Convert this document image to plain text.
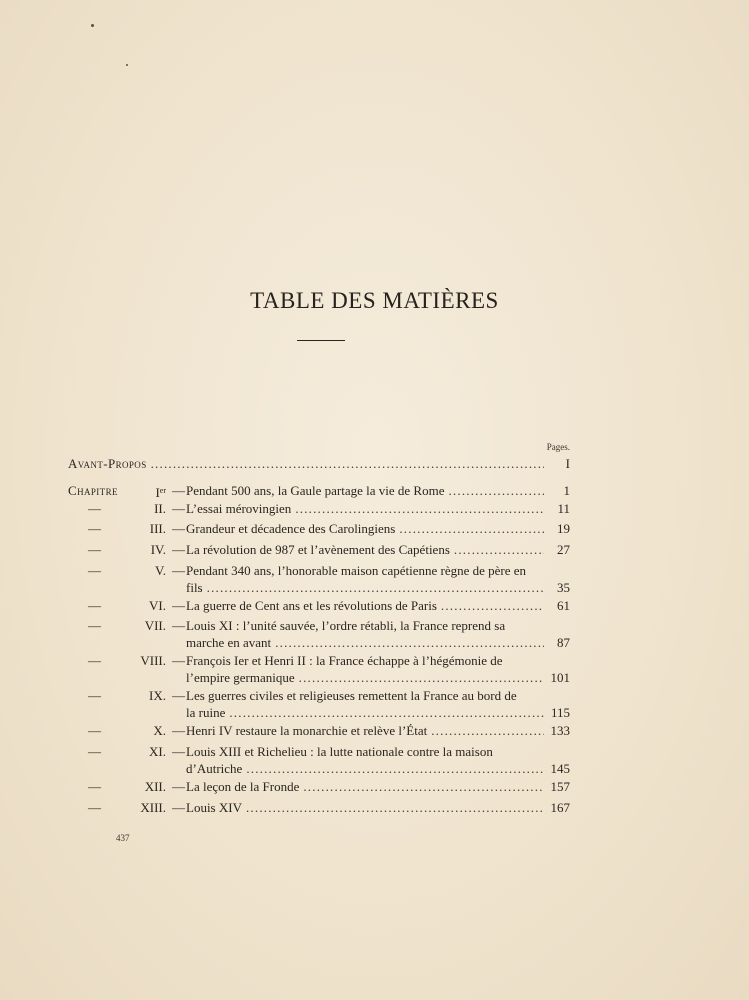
TABLE DES MATIÈRES
Pages.
Avant-Propos .....	I
Chapitre	Ier — Pendant 500 ans, la Gaule partage la vie de Rome .....	1
—	II. — L’essai mérovingien .....	11
—	III. — Grandeur et décadence des Carolingiens .....	19
—	IV. — La révolution de 987 et l’avènement des Capétiens .....	27
—	V. — Pendant 340 ans, l’honorable maison capétienne règne de père en
fils .....	35
—	VI. — La guerre de Cent ans et les révolutions de Paris .....	61
—	VII. — Louis XI : l’unité sauvée, l’ordre rétabli, la France reprend sa
marche en avant .....	87
—	VIII. — François Ier et Henri II : la France échappe à l’hégémonie de
l’empire germanique .....	101
—	IX. — Les guerres civiles et religieuses remettent la France au bord de
la ruine .....	115
—	X. — Henri IV restaure la monarchie et relève l’État .....	133
—	XI. — Louis XIII et Richelieu : la lutte nationale contre la maison
d’Autriche .....	145
—	XII. — La leçon de la Fronde .....	157
—	XIII. — Louis XIV .....	167
437
